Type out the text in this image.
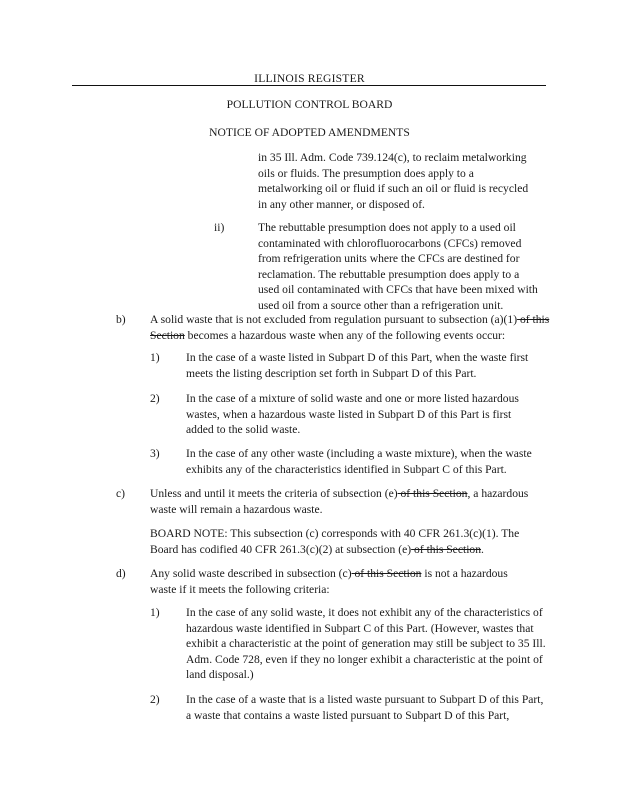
ILLINOIS REGISTER
POLLUTION CONTROL BOARD
NOTICE OF ADOPTED AMENDMENTS

in 35 Ill. Adm. Code 739.124(c), to reclaim metalworking oils or fluids. The presumption does apply to a metalworking oil or fluid if such an oil or fluid is recycled in any other manner, or disposed of.

ii)	The rebuttable presumption does not apply to a used oil contaminated with chlorofluorocarbons (CFCs) removed from refrigeration units where the CFCs are destined for reclamation. The rebuttable presumption does apply to a used oil contaminated with CFCs that have been mixed with used oil from a source other than a refrigeration unit.

b) A solid waste that is not excluded from regulation pursuant to subsection (a)(1) of this Section becomes a hazardous waste when any of the following events occur:

1) In the case of a waste listed in Subpart D of this Part, when the waste first meets the listing description set forth in Subpart D of this Part.

2) In the case of a mixture of solid waste and one or more listed hazardous wastes, when a hazardous waste listed in Subpart D of this Part is first added to the solid waste.

3) In the case of any other waste (including a waste mixture), when the waste exhibits any of the characteristics identified in Subpart C of this Part.

c) Unless and until it meets the criteria of subsection (e) of this Section, a hazardous waste will remain a hazardous waste.

BOARD NOTE: This subsection (c) corresponds with 40 CFR 261.3(c)(1). The Board has codified 40 CFR 261.3(c)(2) at subsection (e) of this Section.

d) Any solid waste described in subsection (c) of this Section is not a hazardous waste if it meets the following criteria:

1) In the case of any solid waste, it does not exhibit any of the characteristics of hazardous waste identified in Subpart C of this Part. (However, wastes that exhibit a characteristic at the point of generation may still be subject to 35 Ill. Adm. Code 728, even if they no longer exhibit a characteristic at the point of land disposal.)

2) In the case of a waste that is a listed waste pursuant to Subpart D of this Part, a waste that contains a waste listed pursuant to Subpart D of this Part,
